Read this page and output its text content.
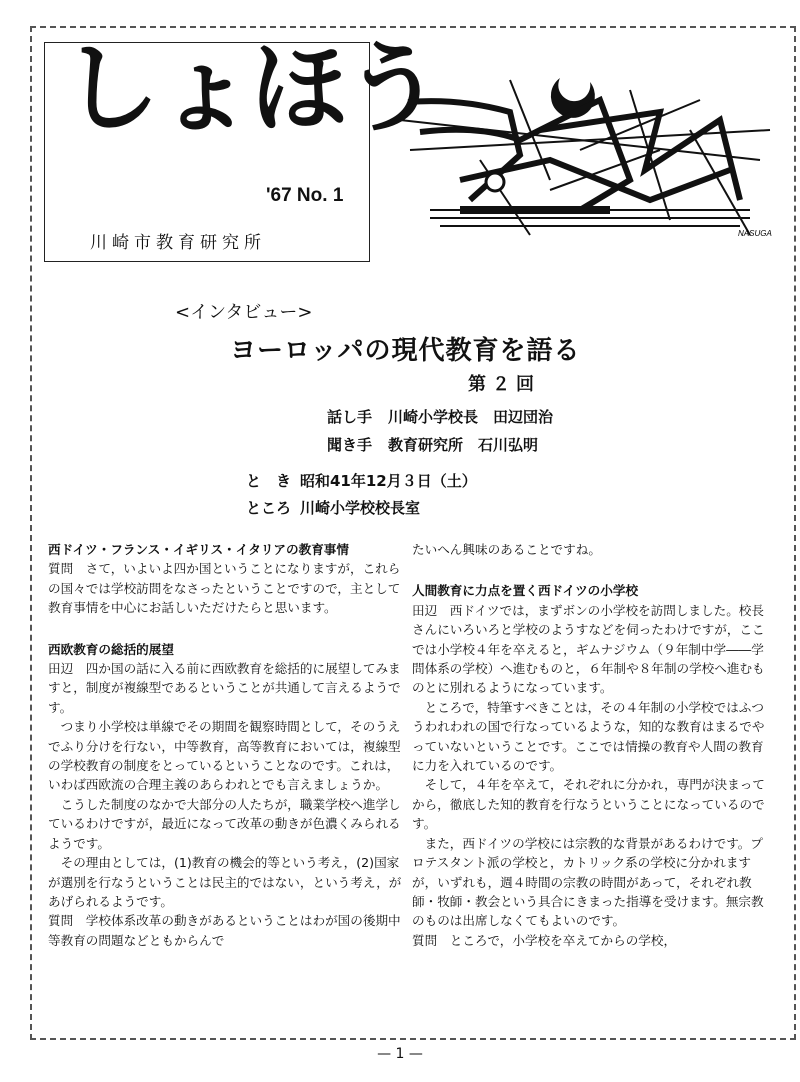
しょほう
'67 No. 1
川崎市教育研究所	NASUGA
<インタビュー>
ヨーロッパの現代教育を語る
第２回
話し手 川崎小学校長　田辺団治
聞き手 教育研究所　石川弘明
と　き 昭和41年12月３日（土）
ところ 川崎小学校校長室
西ドイツ・フランス・イギリス・イタリアの教育事情
質問　さて，いよいよ四か国ということになりますが，これらの国々では学校訪問をなさったということですので，主として教育事情を中心にお話しいただけたらと思います。
西欧教育の総括的展望
田辺　四か国の話に入る前に西欧教育を総括的に展望してみますと，制度が複線型であるということが共通して言えるようです。
つまり小学校は単線でその期間を観察時間として，そのうえでふり分けを行ない，中等教育，高等教育においては，複線型の学校教育の制度をとっているということなのです。これは，いわば西欧流の合理主義のあらわれとでも言えましょうか。
こうした制度のなかで大部分の人たちが，職業学校へ進学しているわけですが，最近になって改革の動きが色濃くみられるようです。
その理由としては，(1)教育の機会的等という考え，(2)国家が選別を行なうということは民主的ではない，という考え，があげられるようです。
質問　学校体系改革の動きがあるということはわが国の後期中等教育の問題などともからんで
たいへん興味のあることですね。
人間教育に力点を置く西ドイツの小学校
田辺　西ドイツでは，まずボンの小学校を訪問しました。校長さんにいろいろと学校のようすなどを伺ったわけですが，ここでは小学校４年を卒えると，ギムナジウム（９年制中学――学問体系の学校）へ進むものと，６年制や８年制の学校へ進むものとに別れるようになっています。
ところで，特筆すべきことは，その４年制の小学校ではふつうわれわれの国で行なっているような，知的な教育はまるでやっていないということです。ここでは情操の教育や人間の教育に力を入れているのです。
そして，４年を卒えて，それぞれに分かれ，専門が決まってから，徹底した知的教育を行なうということになっているのです。
また，西ドイツの学校には宗教的な背景があるわけです。プロテスタント派の学校と，カトリック系の学校に分かれますが，いずれも，週４時間の宗教の時間があって，それぞれ教師・牧師・教会という具合にきまった指導を受けます。無宗教のものは出席しなくてもよいのです。
質問　ところで，小学校を卒えてからの学校，
— 1 —
